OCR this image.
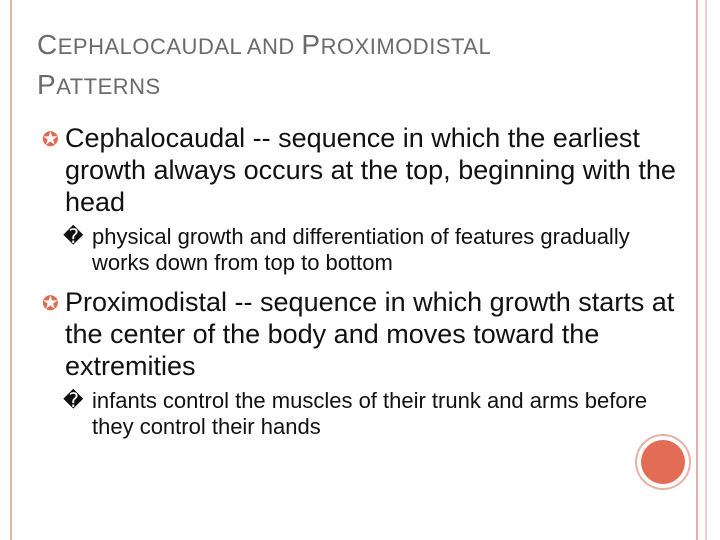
CEPHALOCAUDAL AND PROXIMODISTAL
PATTERNS
✪ Cephalocaudal -- sequence in which the earliest growth always occurs at the top, beginning with the head
� physical growth and differentiation of features gradually works down from top to bottom
✪ Proximodistal -- sequence in which growth starts at the center of the body and moves toward the extremities
� infants control the muscles of their trunk and arms before they control their hands
